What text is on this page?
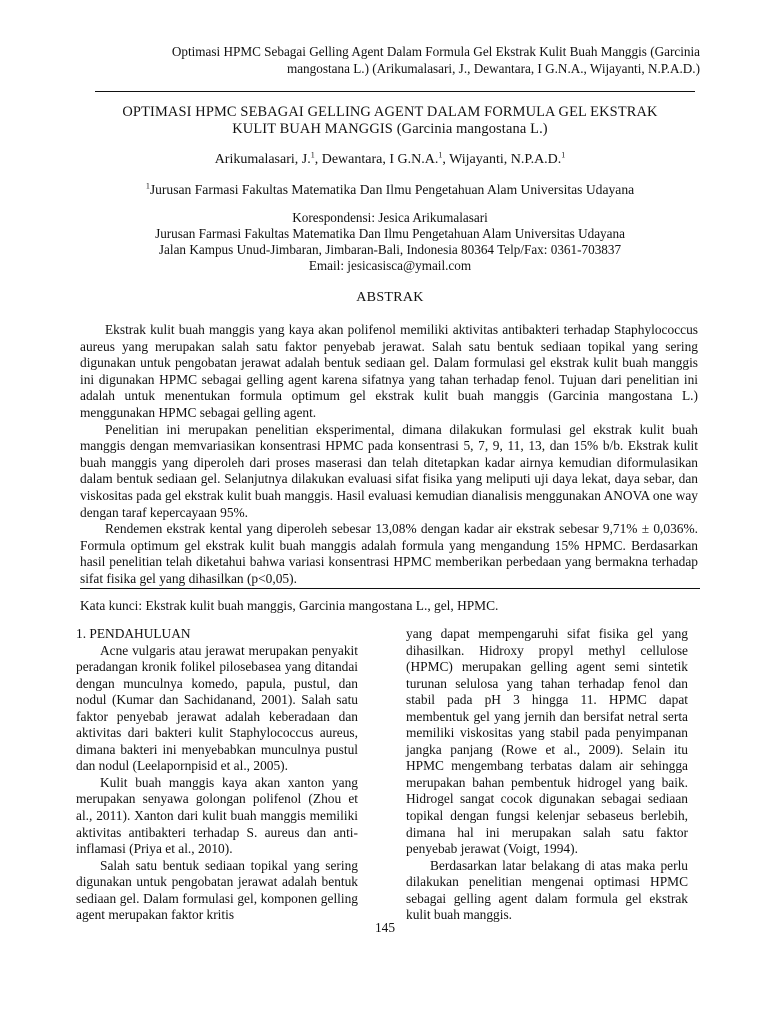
Optimasi HPMC Sebagai Gelling Agent Dalam Formula Gel Ekstrak Kulit Buah Manggis (Garcinia
mangostana L.) (Arikumalasari, J., Dewantara, I G.N.A., Wijayanti, N.P.A.D.)
OPTIMASI HPMC SEBAGAI GELLING AGENT DALAM FORMULA GEL EKSTRAK
KULIT BUAH MANGGIS (Garcinia mangostana L.)
Arikumalasari, J.$^1$, Dewantara, I G.N.A.$^1$, Wijayanti, N.P.A.D.$^1$
$^1$Jurusan Farmasi Fakultas Matematika Dan Ilmu Pengetahuan Alam Universitas Udayana
Korespondensi: Jesica Arikumalasari
Jurusan Farmasi Fakultas Matematika Dan Ilmu Pengetahuan Alam Universitas Udayana
Jalan Kampus Unud-Jimbaran, Jimbaran-Bali, Indonesia 80364 Telp/Fax: 0361-703837
Email: jesicasisca@ymail.com
ABSTRAK

Ekstrak kulit buah manggis yang kaya akan polifenol memiliki aktivitas antibakteri terhadap Staphylococcus aureus yang merupakan salah satu faktor penyebab jerawat. Salah satu bentuk sediaan topikal yang sering digunakan untuk pengobatan jerawat adalah bentuk sediaan gel. Dalam formulasi gel ekstrak kulit buah manggis ini digunakan HPMC sebagai gelling agent karena sifatnya yang tahan terhadap fenol. Tujuan dari penelitian ini adalah untuk menentukan formula optimum gel ekstrak kulit buah manggis (Garcinia mangostana L.) menggunakan HPMC sebagai gelling agent.

Penelitian ini merupakan penelitian eksperimental, dimana dilakukan formulasi gel ekstrak kulit buah manggis dengan memvariasikan konsentrasi HPMC pada konsentrasi 5, 7, 9, 11, 13, dan 15% b/b. Ekstrak kulit buah manggis yang diperoleh dari proses maserasi dan telah ditetapkan kadar airnya kemudian diformulasikan dalam bentuk sediaan gel. Selanjutnya dilakukan evaluasi sifat fisika yang meliputi uji daya lekat, daya sebar, dan viskositas pada gel ekstrak kulit buah manggis. Hasil evaluasi kemudian dianalisis menggunakan ANOVA one way dengan taraf kepercayaan 95%.

Rendemen ekstrak kental yang diperoleh sebesar 13,08% dengan kadar air ekstrak sebesar 9,71% ± 0,036%. Formula optimum gel ekstrak kulit buah manggis adalah formula yang mengandung 15% HPMC. Berdasarkan hasil penelitian telah diketahui bahwa variasi konsentrasi HPMC memberikan perbedaan yang bermakna terhadap sifat fisika gel yang dihasilkan (p<0,05).

Kata kunci: Ekstrak kulit buah manggis, Garcinia mangostana L., gel, HPMC.
1. PENDAHULUAN

Acne vulgaris atau jerawat merupakan penyakit peradangan kronik folikel pilosebasea yang ditandai dengan munculnya komedo, papula, pustul, dan nodul (Kumar dan Sachidanand, 2001). Salah satu faktor penyebab jerawat adalah keberadaan dan aktivitas dari bakteri kulit Staphylococcus aureus, dimana bakteri ini menyebabkan munculnya pustul dan nodul (Leelapornpisid et al., 2005).

Kulit buah manggis kaya akan xanton yang merupakan senyawa golongan polifenol (Zhou et al., 2011). Xanton dari kulit buah manggis memiliki aktivitas antibakteri terhadap S. aureus dan anti-inflamasi (Priya et al., 2010).

Salah satu bentuk sediaan topikal yang sering digunakan untuk pengobatan jerawat adalah bentuk sediaan gel. Dalam formulasi gel, komponen gelling agent merupakan faktor kritis

yang dapat mempengaruhi sifat fisika gel yang dihasilkan. Hidroxy propyl methyl cellulose (HPMC) merupakan gelling agent semi sintetik turunan selulosa yang tahan terhadap fenol dan stabil pada pH 3 hingga 11. HPMC dapat membentuk gel yang jernih dan bersifat netral serta memiliki viskositas yang stabil pada penyimpanan jangka panjang (Rowe et al., 2009). Selain itu HPMC mengembang terbatas dalam air sehingga merupakan bahan pembentuk hidrogel yang baik. Hidrogel sangat cocok digunakan sebagai sediaan topikal dengan fungsi kelenjar sebaseus berlebih, dimana hal ini merupakan salah satu faktor penyebab jerawat (Voigt, 1994).

Berdasarkan latar belakang di atas maka perlu dilakukan penelitian mengenai optimasi HPMC sebagai gelling agent dalam formula gel ekstrak kulit buah manggis.

145
